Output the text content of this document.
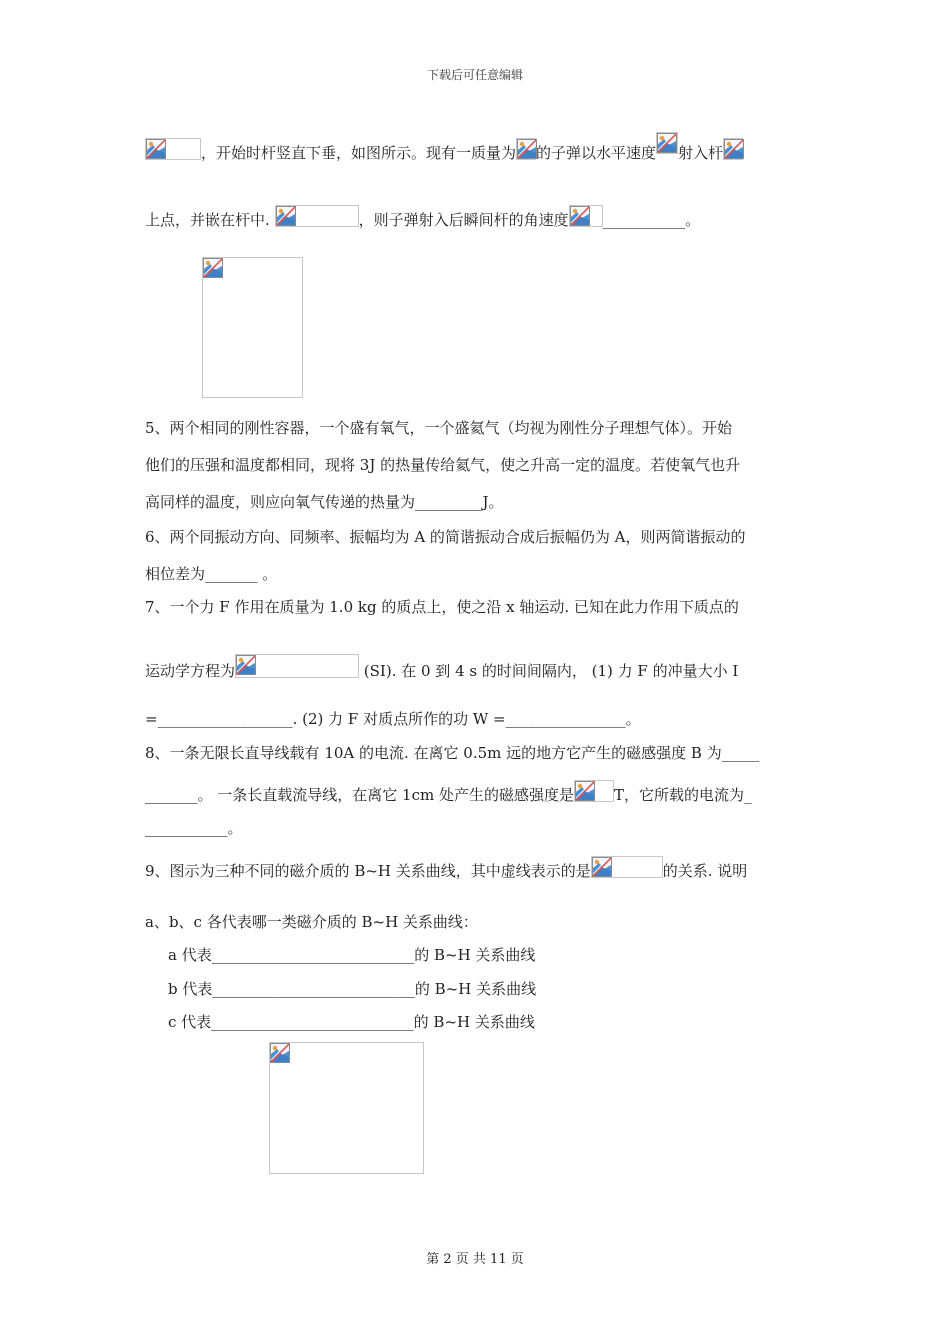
下载后可任意编辑
，开始时杆竖直下垂，如图所示。现有一质量为 的子弹以水平速度 射入杆
上点，并嵌在杆中.	，则子弹射入后瞬间杆的角速度 ___________。
5、两个相同的刚性容器，一个盛有氧气，一个盛氦气（均视为刚性分子理想气体）。开始
他们的压强和温度都相同，现将 3J 的热量传给氦气，使之升高一定的温度。若使氧气也升
高同样的温度，则应向氧气传递的热量为_________J。
6、两个同振动方向、同频率、振幅均为 A 的简谐振动合成后振幅仍为 A，则两简谐振动的
相位差为_______ 。
7、一个力 F 作用在质量为 1.0 kg 的质点上，使之沿 x 轴运动. 已知在此力作用下质点的
运动学方程为	(SI). 在 0 到 4 s 的时间间隔内， (1) 力 F 的冲量大小 I
=__________________. (2) 力 F 对质点所作的功 W =________________。
8、一条无限长直导线载有 10A 的电流. 在离它 0.5m 远的地方它产生的磁感强度 B 为_____
_______。 一条长直载流导线，在离它 1cm 处产生的磁感强度是	T，它所载的电流为_
___________。
9、图示为三种不同的磁介质的 B~H 关系曲线，其中虚线表示的是	的关系. 说明
a、b、c 各代表哪一类磁介质的 B~H 关系曲线：
a 代表___________________________的 B~H 关系曲线
b 代表___________________________的 B~H 关系曲线
c 代表___________________________的 B~H 关系曲线
第 2 页 共 11 页
